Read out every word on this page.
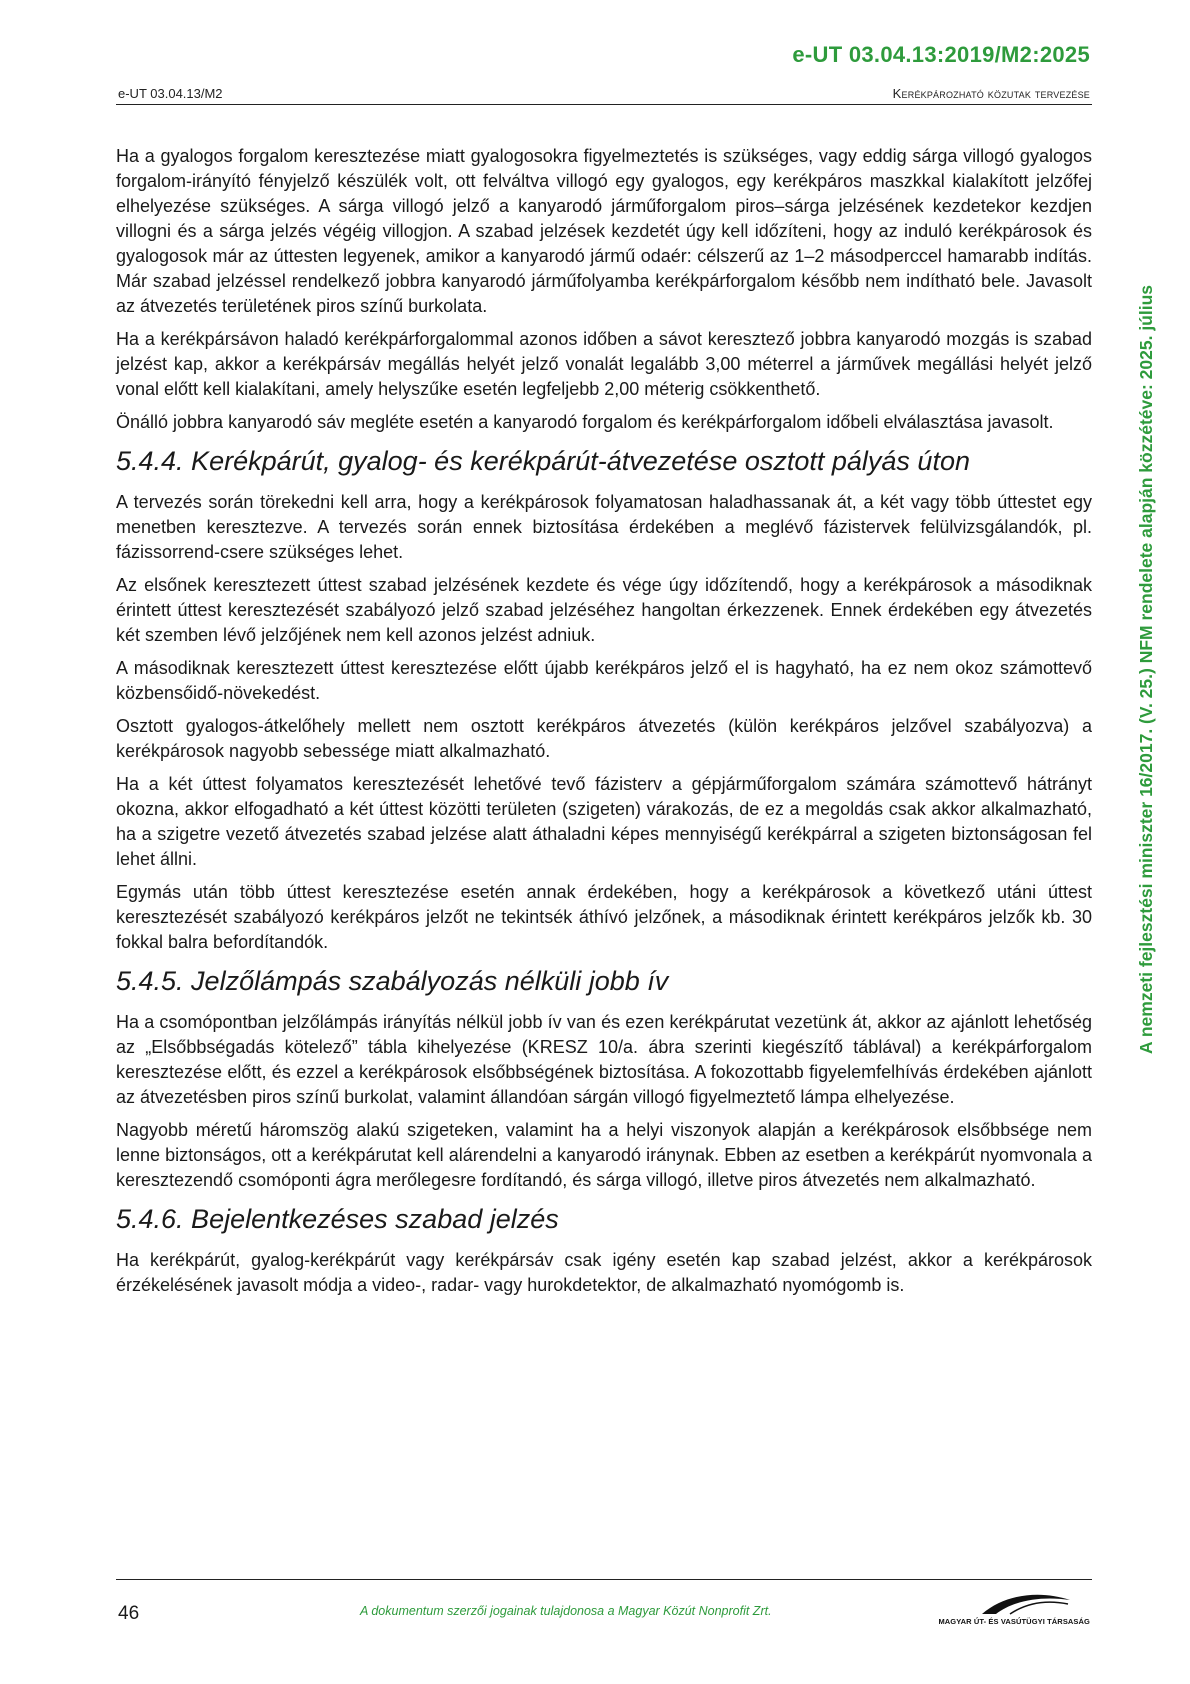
e-UT 03.04.13:2019/M2:2025
e-UT 03.04.13/M2	Kerékpározható közutak tervezése
A nemzeti fejlesztési miniszter 16/2017. (V. 25.) NFM rendelete alapján közzétéve: 2025. július

Ha a gyalogos forgalom keresztezése miatt gyalogosokra figyelmeztetés is szükséges, vagy eddig sárga villogó gyalogos forgalom-irányító fényjelző készülék volt, ott felváltva villogó egy gyalogos, egy kerékpáros maszkkal kialakított jelzőfej elhelyezése szükséges. A sárga villogó jelző a kanyarodó járműforgalom piros–sárga jelzésének kezdetekor kezdjen villogni és a sárga jelzés végéig villogjon. A szabad jelzések kezdetét úgy kell időzíteni, hogy az induló kerékpárosok és gyalogosok már az úttesten legyenek, amikor a kanyarodó jármű odaér: célszerű az 1–2 másodperccel hamarabb indítás. Már szabad jelzéssel rendelkező jobbra kanyarodó járműfolyamba kerékpárforgalom később nem indítható bele. Javasolt az átvezetés területének piros színű burkolata.

Ha a kerékpársávon haladó kerékpárforgalommal azonos időben a sávot keresztező jobbra kanyarodó mozgás is szabad jelzést kap, akkor a kerékpársáv megállás helyét jelző vonalát legalább 3,00 méterrel a járművek megállási helyét jelző vonal előtt kell kialakítani, amely helyszűke esetén legfeljebb 2,00 méterig csökkenthető.

Önálló jobbra kanyarodó sáv megléte esetén a kanyarodó forgalom és kerékpárforgalom időbeli elválasztása javasolt.

5.4.4. Kerékpárút, gyalog- és kerékpárút-átvezetése osztott pályás úton

A tervezés során törekedni kell arra, hogy a kerékpárosok folyamatosan haladhassanak át, a két vagy több úttestet egy menetben keresztezve. A tervezés során ennek biztosítása érdekében a meglévő fázistervek felülvizsgálandók, pl. fázissorrend-csere szükséges lehet.

Az elsőnek keresztezett úttest szabad jelzésének kezdete és vége úgy időzítendő, hogy a kerékpárosok a másodiknak érintett úttest keresztezését szabályozó jelző szabad jelzéséhez hangoltan érkezzenek. Ennek érdekében egy átvezetés két szemben lévő jelzőjének nem kell azonos jelzést adniuk.

A másodiknak keresztezett úttest keresztezése előtt újabb kerékpáros jelző el is hagyható, ha ez nem okoz számottevő közbensőidő-növekedést.

Osztott gyalogos-átkelőhely mellett nem osztott kerékpáros átvezetés (külön kerékpáros jelzővel szabályozva) a kerékpárosok nagyobb sebessége miatt alkalmazható.

Ha a két úttest folyamatos keresztezését lehetővé tevő fázisterv a gépjárműforgalom számára számottevő hátrányt okozna, akkor elfogadható a két úttest közötti területen (szigeten) várakozás, de ez a megoldás csak akkor alkalmazható, ha a szigetre vezető átvezetés szabad jelzése alatt áthaladni képes mennyiségű kerékpárral a szigeten biztonságosan fel lehet állni.

Egymás után több úttest keresztezése esetén annak érdekében, hogy a kerékpárosok a következő utáni úttest keresztezését szabályozó kerékpáros jelzőt ne tekintsék áthívó jelzőnek, a másodiknak érintett kerékpáros jelzők kb. 30 fokkal balra befordítandók.

5.4.5. Jelzőlámpás szabályozás nélküli jobb ív

Ha a csomópontban jelzőlámpás irányítás nélkül jobb ív van és ezen kerékpárutat vezetünk át, akkor az ajánlott lehetőség az „Elsőbbségadás kötelező” tábla kihelyezése (KRESZ 10/a. ábra szerinti kiegészítő táblával) a kerékpárforgalom keresztezése előtt, és ezzel a kerékpárosok elsőbbségének biztosítása. A fokozottabb figyelemfelhívás érdekében ajánlott az átvezetésben piros színű burkolat, valamint állandóan sárgán villogó figyelmeztető lámpa elhelyezése.

Nagyobb méretű háromszög alakú szigeteken, valamint ha a helyi viszonyok alapján a kerékpárosok elsőbbsége nem lenne biztonságos, ott a kerékpárutat kell alárendelni a kanyarodó iránynak. Ebben az esetben a kerékpárút nyomvonala a keresztezendő csomóponti ágra merőlegesre fordítandó, és sárga villogó, illetve piros átvezetés nem alkalmazható.

5.4.6. Bejelentkezéses szabad jelzés

Ha kerékpárút, gyalog-kerékpárút vagy kerékpársáv csak igény esetén kap szabad jelzést, akkor a kerékpárosok érzékelésének javasolt módja a video-, radar- vagy hurokdetektor, de alkalmazható nyomógomb is.

46	A dokumentum szerzői jogainak tulajdonosa a Magyar Közút Nonprofit Zrt.
MAGYAR ÚT- ÉS VASÚTÜGYI TÁRSASÁG
